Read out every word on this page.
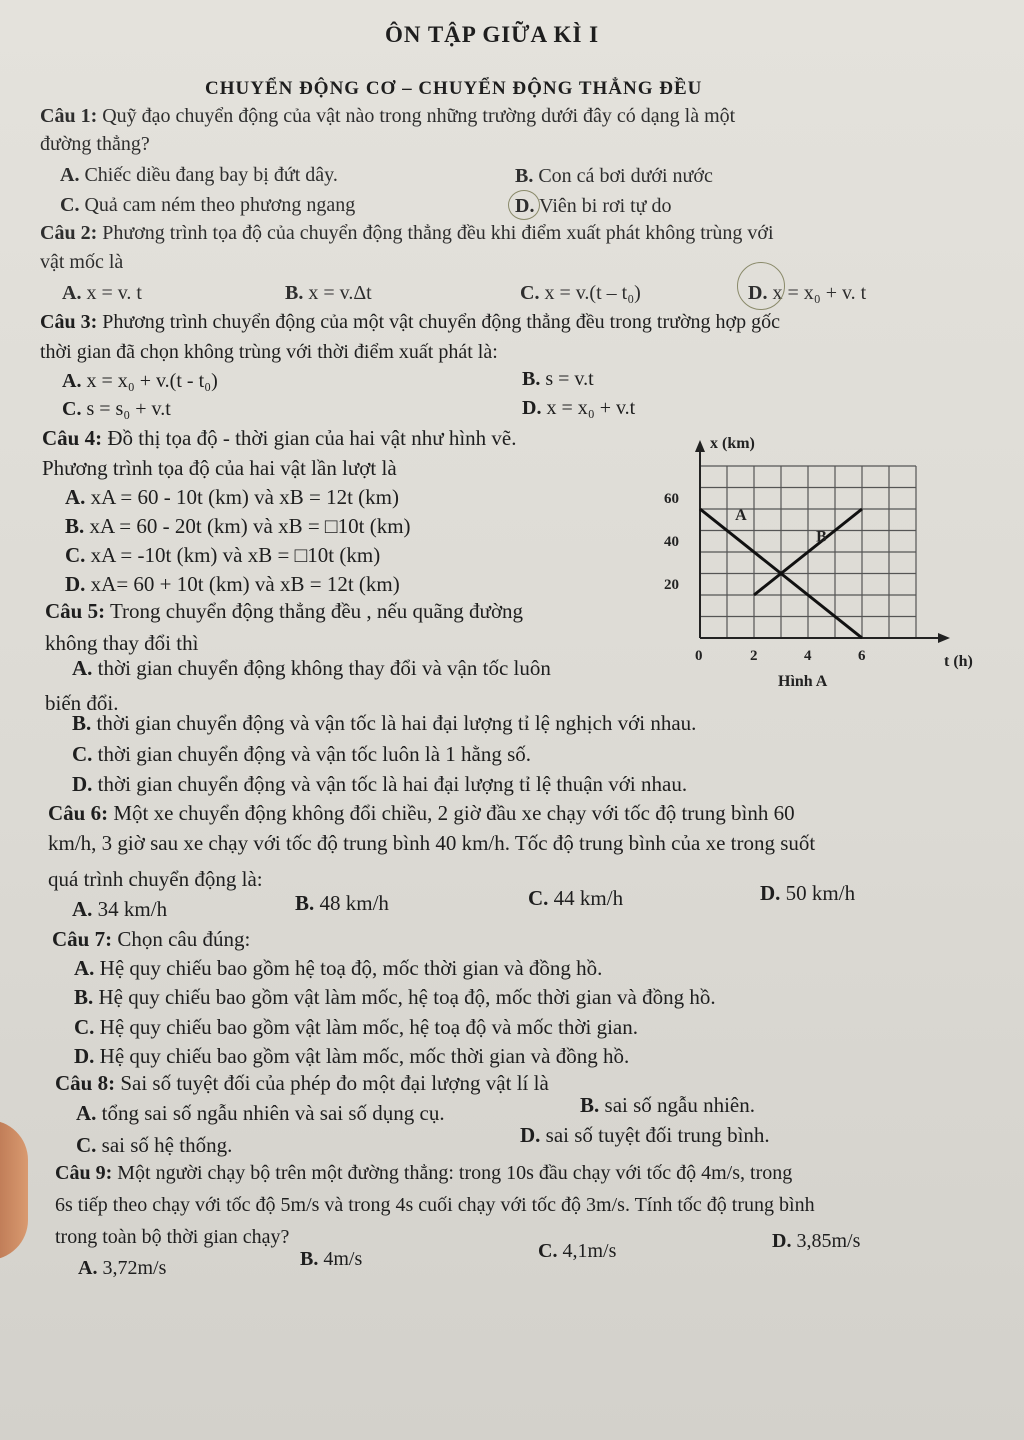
ÔN TẬP GIỮA KÌ I
CHUYỂN ĐỘNG CƠ – CHUYỂN ĐỘNG THẲNG ĐỀU
Câu 1: Quỹ đạo chuyển động của vật nào trong những trường dưới đây có dạng là một
đường thẳng?
A. Chiếc diều đang bay bị đứt dây.	B. Con cá bơi dưới nước
C. Quả cam ném theo phương ngang	D. Viên bi rơi tự do
Câu 2: Phương trình tọa độ của chuyển động thẳng đều khi điểm xuất phát không trùng với
vật mốc là
A. x = v. t	B. x = v.Δt	C. x = v.(t – t₀)	D. x = x₀ + v. t
Câu 3: Phương trình chuyển động của một vật chuyển động thẳng đều trong trường hợp gốc
thời gian đã chọn không trùng với thời điểm xuất phát là:
A. x = x₀ + v.(t - t₀)	B. s = v.t
C. s = s₀ + v.t	D. x = x₀ + v.t
Câu 4: Đồ thị tọa độ - thời gian của hai vật như hình vẽ.
Phương trình tọa độ của hai vật lần lượt là
A. xA = 60 - 10t (km) và xB = 12t (km)
B. xA = 60 - 20t (km) và xB = □10t (km)
C. xA = -10t (km) và xB = □10t (km)
D. xA= 60 + 10t (km) và xB = 12t (km)
x (km)
t (h)
0	2	4	6
20
40
60
A
B
Hình A
Câu 5: Trong chuyển động thẳng đều , nếu quãng đường
không thay đổi thì
A. thời gian chuyển động không thay đổi và vận tốc luôn
biến đổi.
B. thời gian chuyển động và vận tốc là hai đại lượng tỉ lệ nghịch với nhau.
C. thời gian chuyển động và vận tốc luôn là 1 hằng số.
D. thời gian chuyển động và vận tốc là hai đại lượng tỉ lệ thuận với nhau.
Câu 6: Một xe chuyển động không đổi chiều, 2 giờ đầu xe chạy với tốc độ trung bình 60
km/h, 3 giờ sau xe chạy với tốc độ trung bình 40 km/h. Tốc độ trung bình của xe trong suốt
quá trình chuyển động là:
A. 34 km/h	B. 48 km/h	C. 44 km/h	D. 50 km/h
Câu 7: Chọn câu đúng:
A. Hệ quy chiếu bao gồm hệ toạ độ, mốc thời gian và đồng hồ.
B. Hệ quy chiếu bao gồm vật làm mốc, hệ toạ độ, mốc thời gian và đồng hồ.
C. Hệ quy chiếu bao gồm vật làm mốc, hệ toạ độ và mốc thời gian.
D. Hệ quy chiếu bao gồm vật làm mốc, mốc thời gian và đồng hồ.
Câu 8: Sai số tuyệt đối của phép đo một đại lượng vật lí là
A. tổng sai số ngẫu nhiên và sai số dụng cụ.	B. sai số ngẫu nhiên.
C. sai số hệ thống.	D. sai số tuyệt đối trung bình.
Câu 9: Một người chạy bộ trên một đường thẳng: trong 10s đầu chạy với tốc độ 4m/s, trong
6s tiếp theo chạy với tốc độ 5m/s và trong 4s cuối chạy với tốc độ 3m/s. Tính tốc độ trung bình
trong toàn bộ thời gian chạy?
A. 3,72m/s	B. 4m/s	C. 4,1m/s	D. 3,85m/s
